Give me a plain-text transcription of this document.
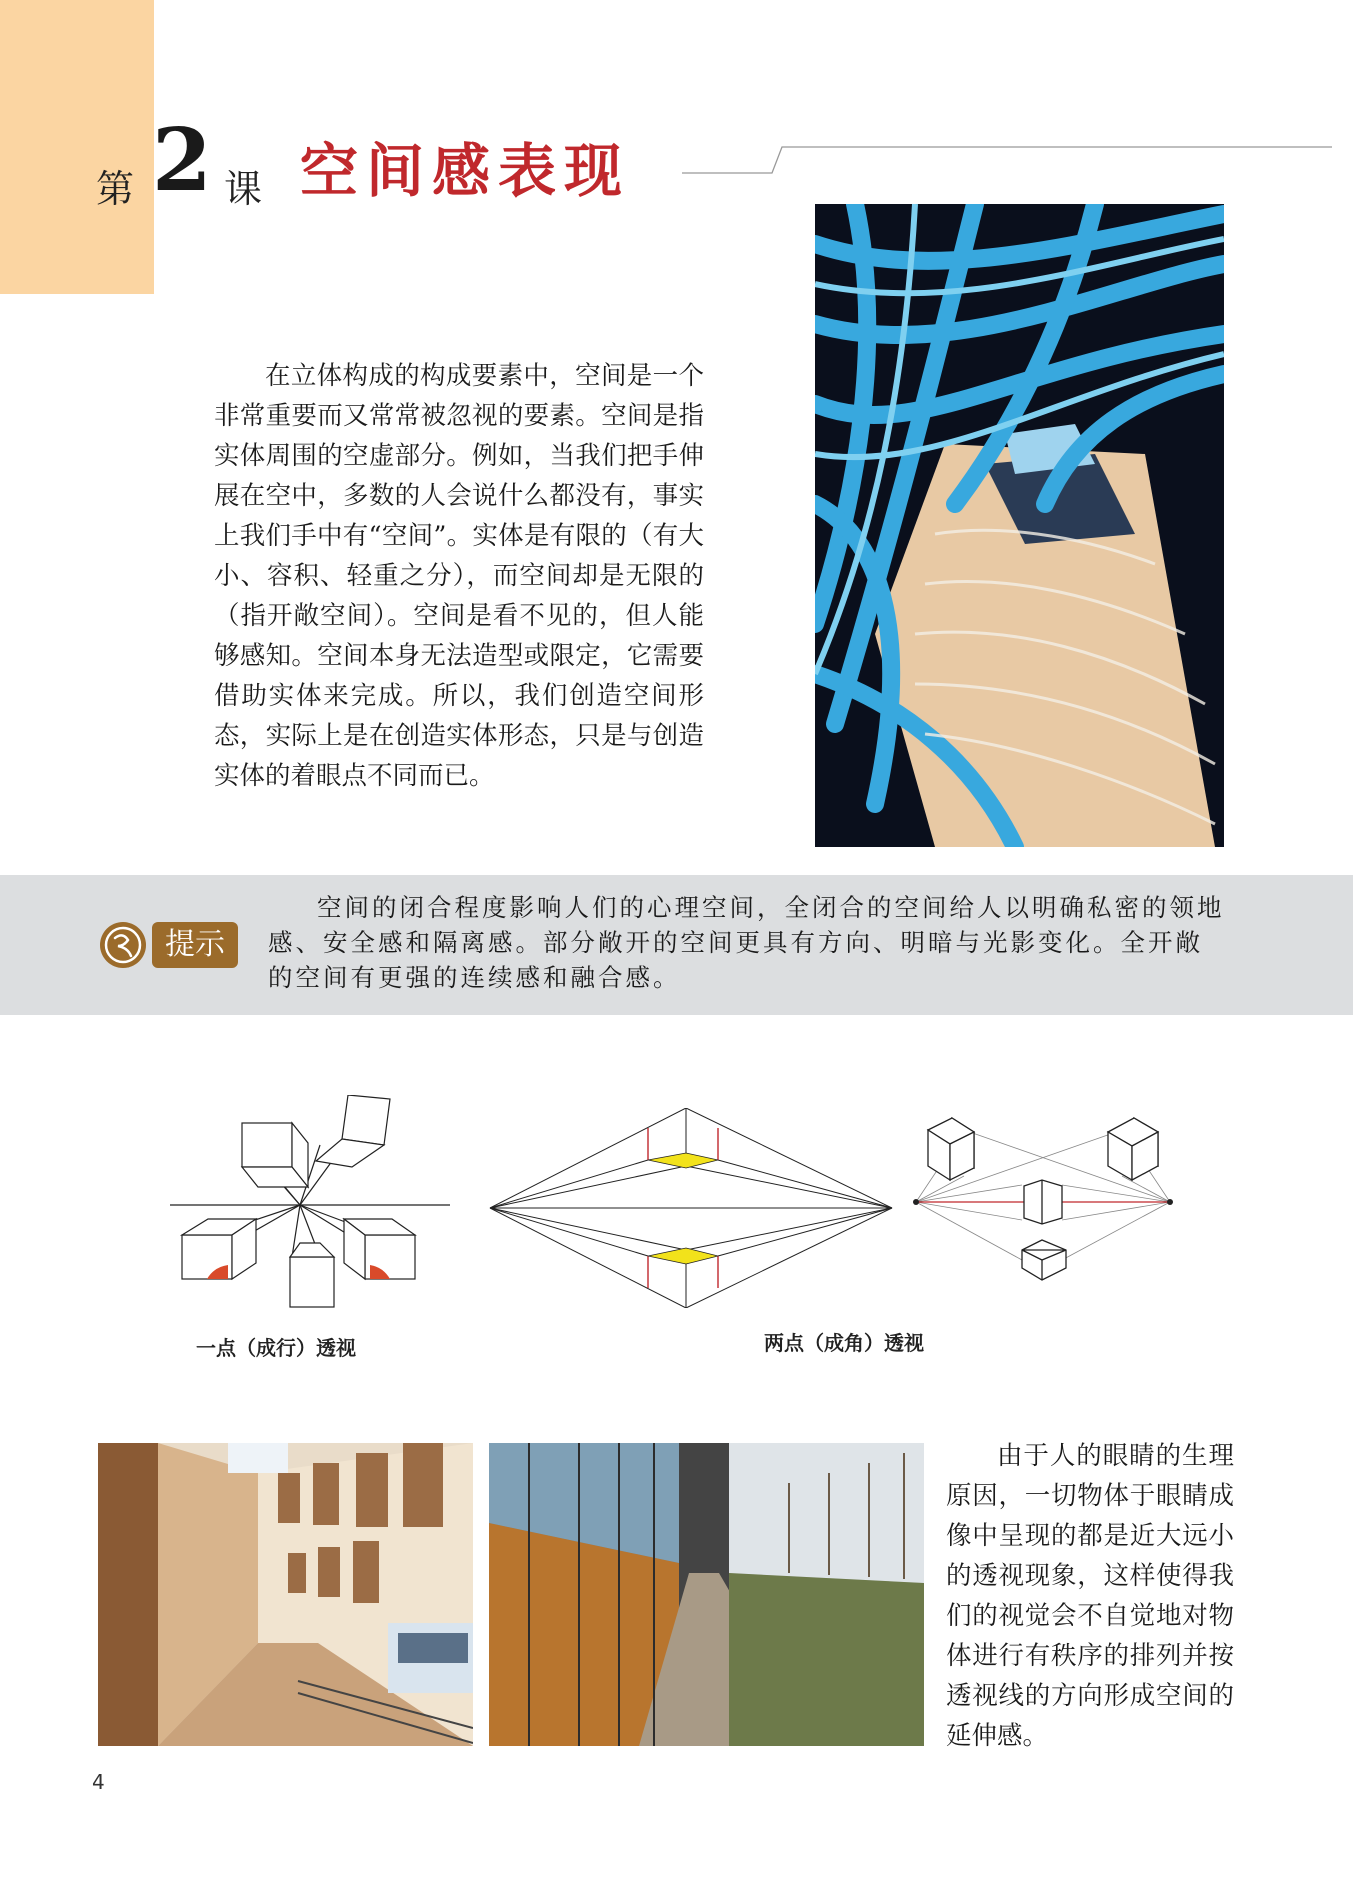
第 2 课 空间感表现

在立体构成的构成要素中，空间是一个非常重要而又常常被忽视的要素。空间是指实体周围的空虚部分。例如，当我们把手伸展在空中，多数的人会说什么都没有，事实上我们手中有“空间”。实体是有限的（有大小、容积、轻重之分），而空间却是无限的（指开敞空间）。空间是看不见的，但人能够感知。空间本身无法造型或限定，它需要借助实体来完成。所以，我们创造空间形态，实际上是在创造实体形态，只是与创造实体的着眼点不同而已。

提示

空间的闭合程度影响人们的心理空间，全闭合的空间给人以明确私密的领地感、安全感和隔离感。部分敞开的空间更具有方向、明暗与光影变化。全开敞的空间有更强的连续感和融合感。

一点（成行）透视	两点（成角）透视

由于人的眼睛的生理原因，一切物体于眼睛成像中呈现的都是近大远小的透视现象，这样使得我们的视觉会不自觉地对物体进行有秩序的排列并按透视线的方向形成空间的延伸感。

4
